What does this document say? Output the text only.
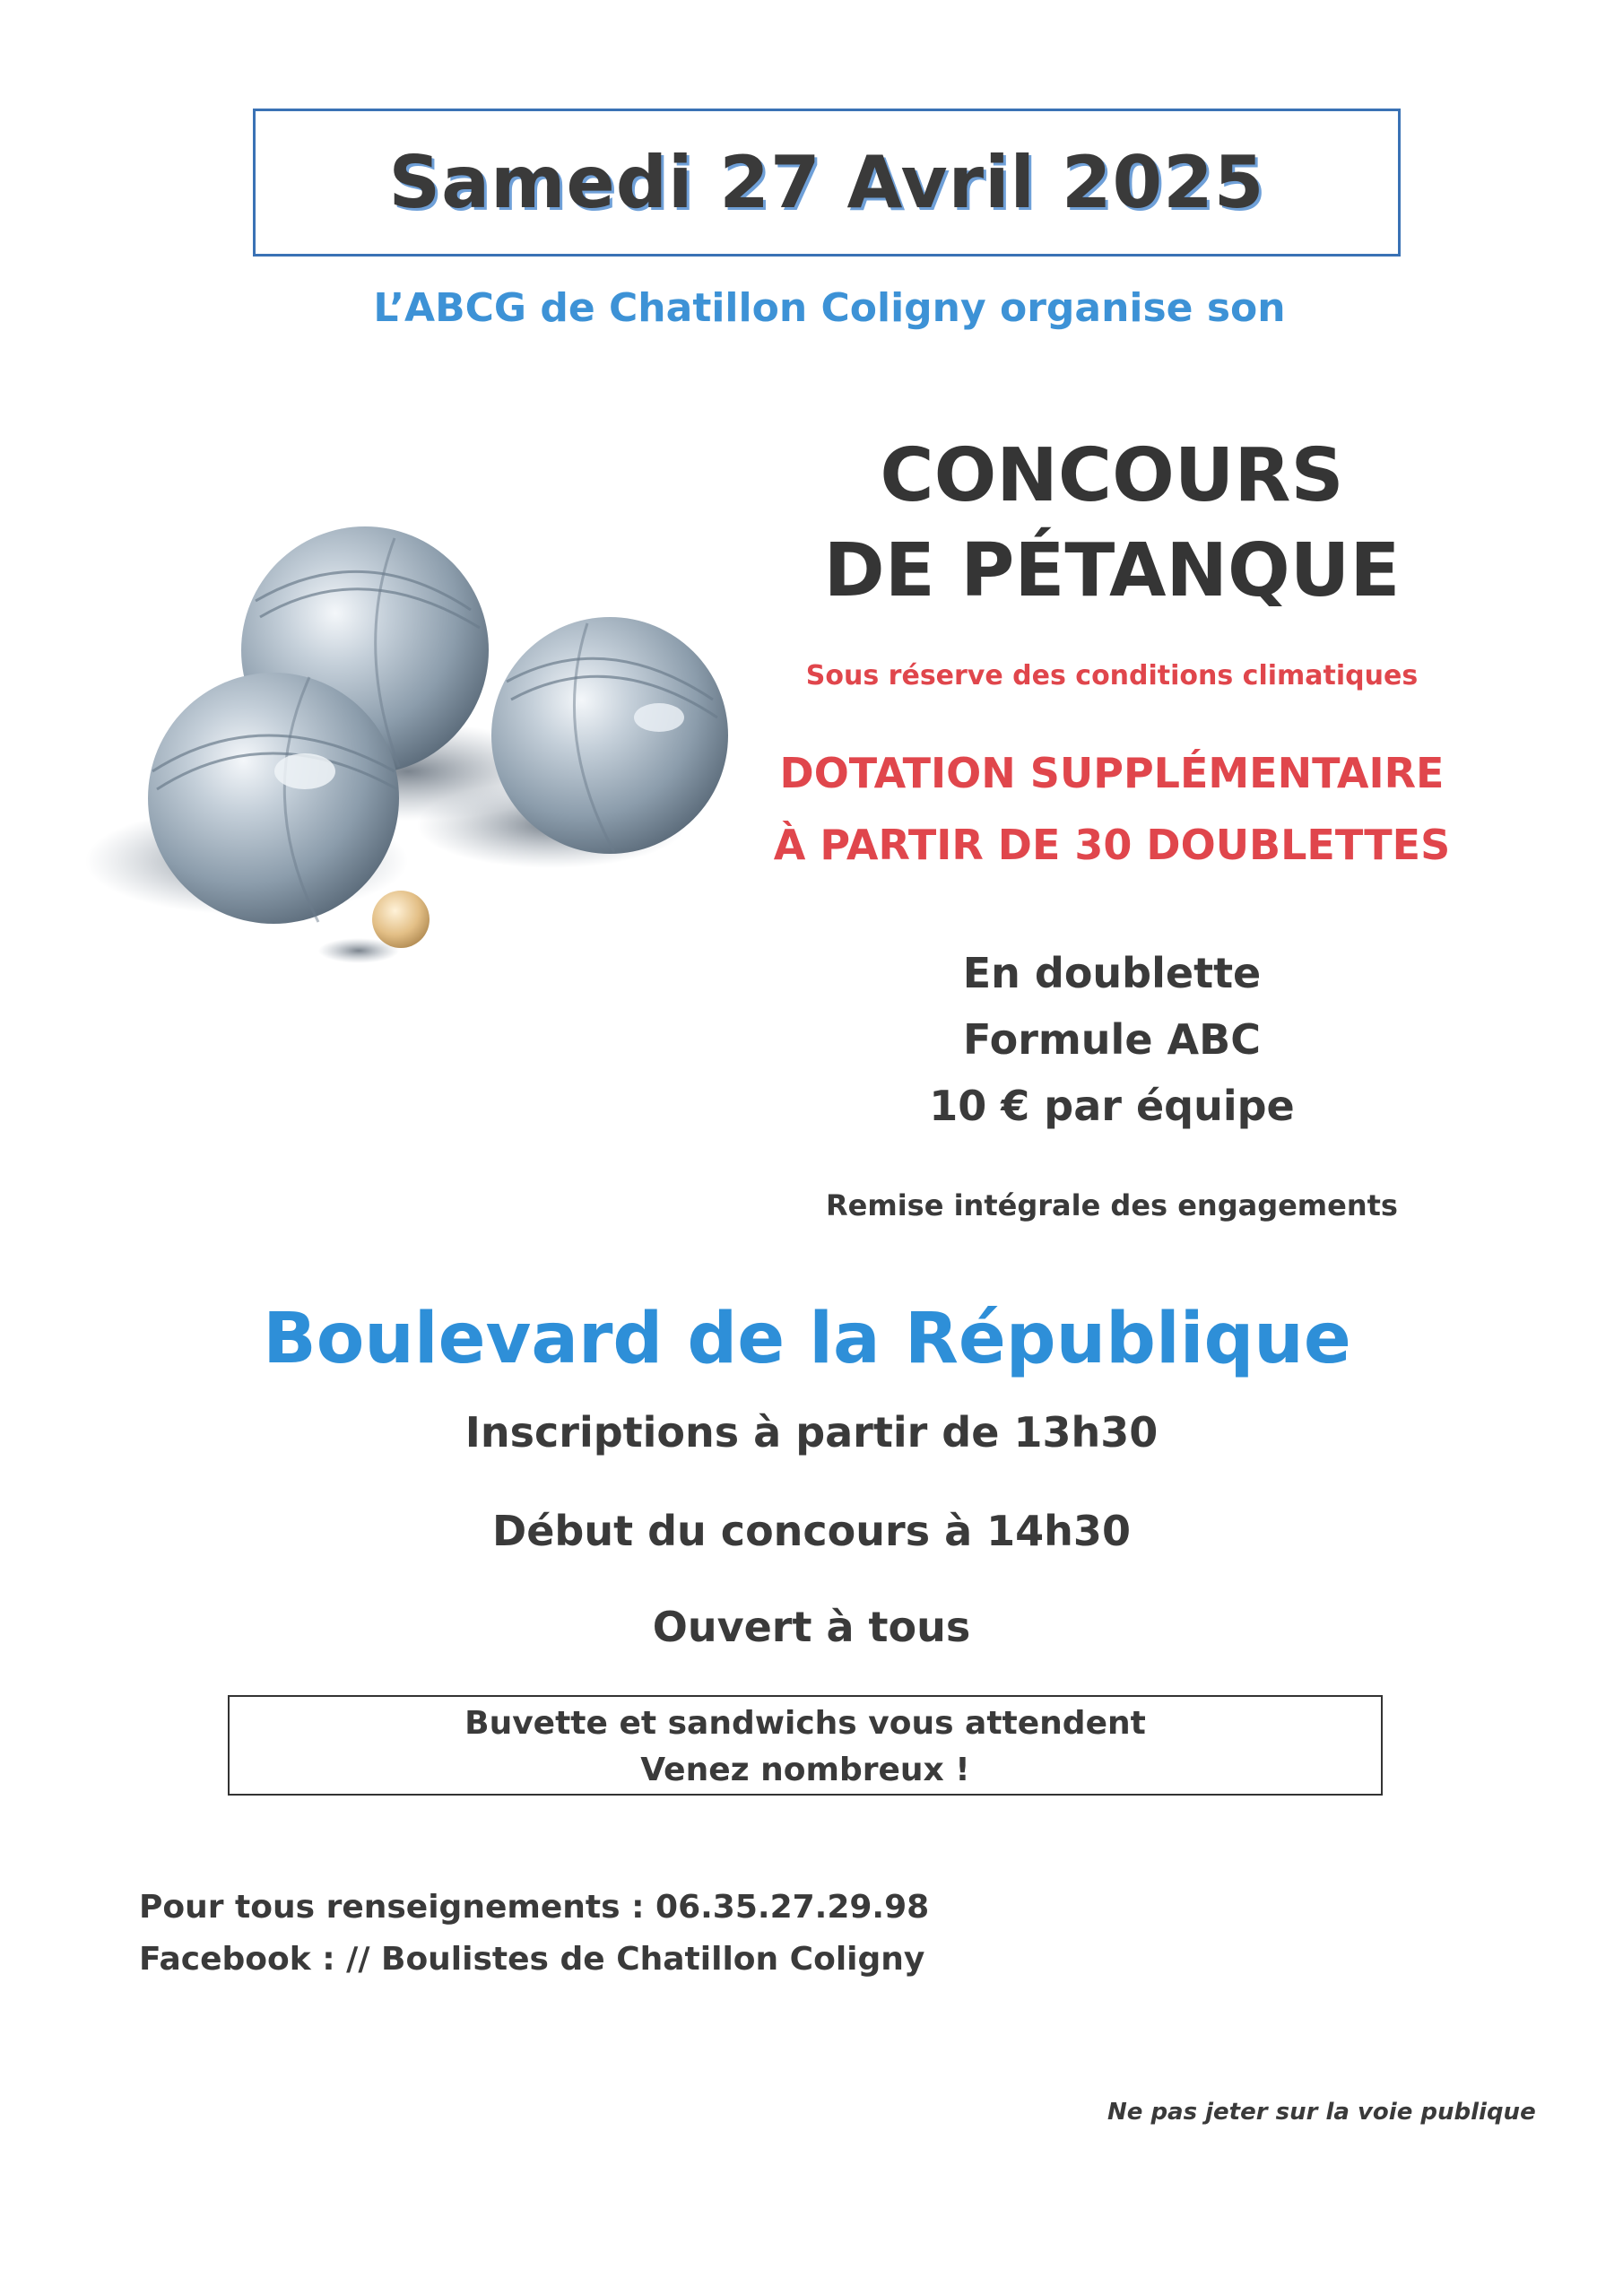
Samedi 27 Avril 2025
L’ABCG de Chatillon Coligny organise son
CONCOURS
DE PÉTANQUE
Sous réserve des conditions climatiques
DOTATION SUPPLÉMENTAIRE
À PARTIR DE 30 DOUBLETTES
En doublette
Formule ABC
10 € par équipe
Remise intégrale des engagements
Boulevard de la République
Inscriptions à partir de 13h30
Début du concours à 14h30
Ouvert à tous
Buvette et sandwichs vous attendent
Venez nombreux !
Pour tous renseignements : 06.35.27.29.98
Facebook : // Boulistes de Chatillon Coligny
Ne pas jeter sur la voie publique
